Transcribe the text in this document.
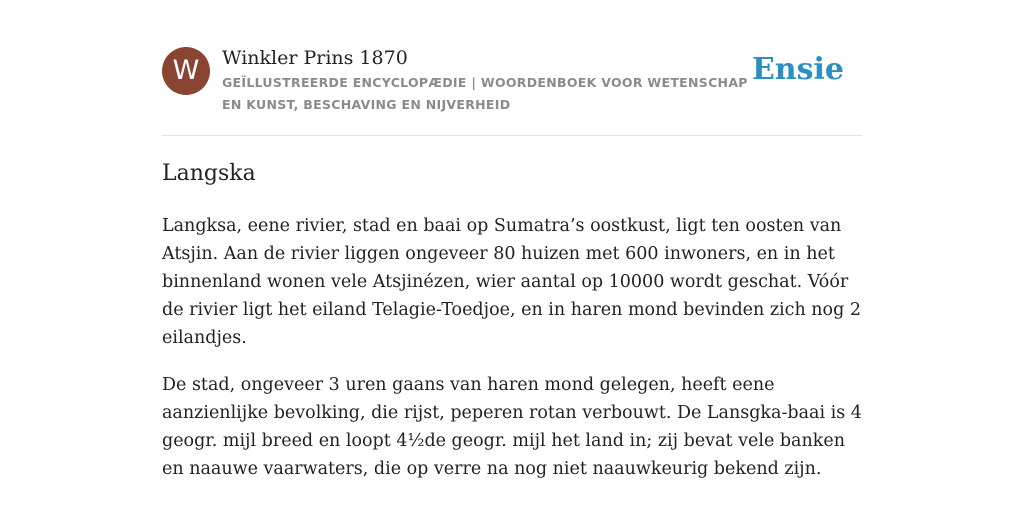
W	Winkler Prins 1870
GEÏLLUSTREERDE ENCYCLOPÆDIE | WOORDENBOEK VOOR WETENSCHAP EN KUNST, BESCHAVING EN NIJVERHEID
Ensie
Langska

Langksa, eene rivier, stad en baai op Sumatra’s oostkust, ligt ten oosten van Atsjin. Aan de rivier liggen ongeveer 80 huizen met 600 inwoners, en in het binnenland wonen vele Atsjinézen, wier aantal op 10000 wordt geschat. Vóór de rivier ligt het eiland Telagie-Toedjoe, en in haren mond bevinden zich nog 2 eilandjes.

De stad, ongeveer 3 uren gaans van haren mond gelegen, heeft eene aanzienlijke bevolking, die rijst, peperen rotan verbouwt. De Lansgka-baai is 4 geogr. mijl breed en loopt 4½de geogr. mijl het land in; zij bevat vele banken en naauwe vaarwaters, die op verre na nog niet naauwkeurig bekend zijn.
